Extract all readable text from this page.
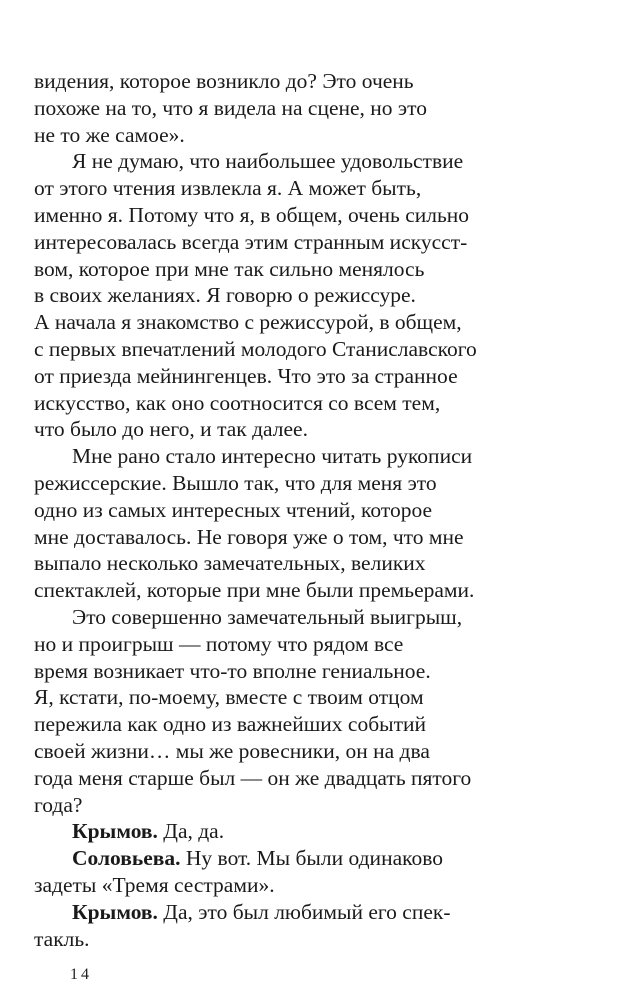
видения, которое возникло до? Это очень
похоже на то, что я видела на сцене, но это
не то же самое».
Я не думаю, что наибольшее удовольствие
от этого чтения извлекла я. А может быть,
именно я. Потому что я, в общем, очень сильно
интересовалась всегда этим странным искусст-
вом, которое при мне так сильно менялось
в своих желаниях. Я говорю о режиссуре.
А начала я знакомство с режиссурой, в общем,
с первых впечатлений молодого Станиславского
от приезда мейнингенцев. Что это за странное
искусство, как оно соотносится со всем тем,
что было до него, и так далее.
Мне рано стало интересно читать рукописи
режиссерские. Вышло так, что для меня это
одно из самых интересных чтений, которое
мне доставалось. Не говоря уже о том, что мне
выпало несколько замечательных, великих
спектаклей, которые при мне были премьерами.
Это совершенно замечательный выигрыш,
но и проигрыш — потому что рядом все
время возникает что-то вполне гениальное.
Я, кстати, по-моему, вместе с твоим отцом
пережила как одно из важнейших событий
своей жизни… мы же ровесники, он на два
года меня старше был — он же двадцать пятого
года?
Крымов. Да, да.
Соловьева. Ну вот. Мы были одинаково
задеты «Тремя сестрами».
Крымов. Да, это был любимый его спек-
такль.
14
